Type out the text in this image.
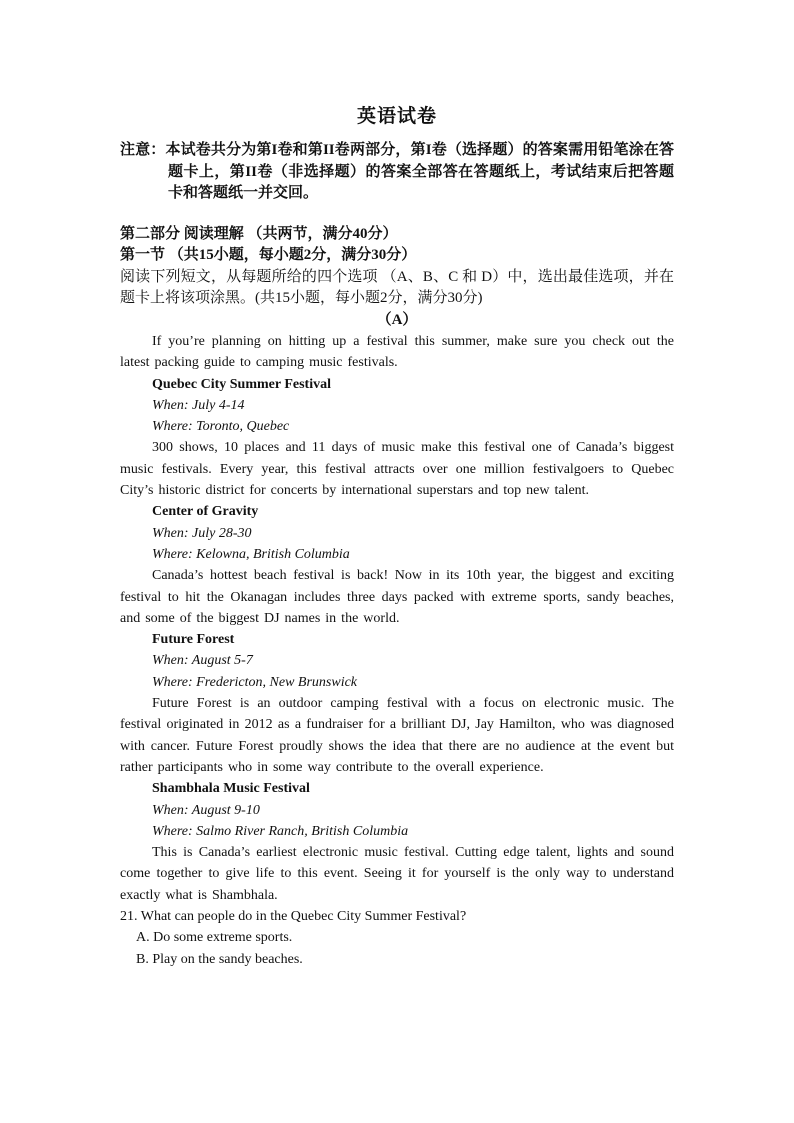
英语试卷

注意：本试卷共分为第I卷和第II卷两部分，第I卷（选择题）的答案需用铅笔涂在答题卡上，第II卷（非选择题）的答案全部答在答题纸上，考试结束后把答题卡和答题纸一并交回。

第二部分 阅读理解 （共两节，满分40分）

第一节 （共15小题，每小题2分，满分30分）

阅读下列短文，从每题所给的四个选项 （A、B、C 和 D）中，选出最佳选项，并在题卡上将该项涂黑。(共15小题，每小题2分，满分30分)

（A）

If you’re planning on hitting up a festival this summer, make sure you check out the latest packing guide to camping music festivals.

Quebec City Summer Festival

When: July 4-14

Where: Toronto, Quebec

300 shows, 10 places and 11 days of music make this festival one of Canada’s biggest music festivals. Every year, this festival attracts over one million festivalgoers to Quebec City’s historic district for concerts by international superstars and top new talent.

Center of Gravity

When: July 28-30

Where: Kelowna, British Columbia

Canada’s hottest beach festival is back! Now in its 10th year, the biggest and exciting festival to hit the Okanagan includes three days packed with extreme sports, sandy beaches, and some of the biggest DJ names in the world.

Future Forest

When: August 5-7

Where: Fredericton, New Brunswick

Future Forest is an outdoor camping festival with a focus on electronic music. The festival originated in 2012 as a fundraiser for a brilliant DJ, Jay Hamilton, who was diagnosed with cancer. Future Forest proudly shows the idea that there are no audience at the event but rather participants who in some way contribute to the overall experience.

Shambhala Music Festival

When: August 9-10

Where: Salmo River Ranch, British Columbia

This is Canada’s earliest electronic music festival. Cutting edge talent, lights and sound come together to give life to this event. Seeing it for yourself is the only way to understand exactly what is Shambhala.

21. What can people do in the Quebec City Summer Festival?

A. Do some extreme sports.

B. Play on the sandy beaches.
